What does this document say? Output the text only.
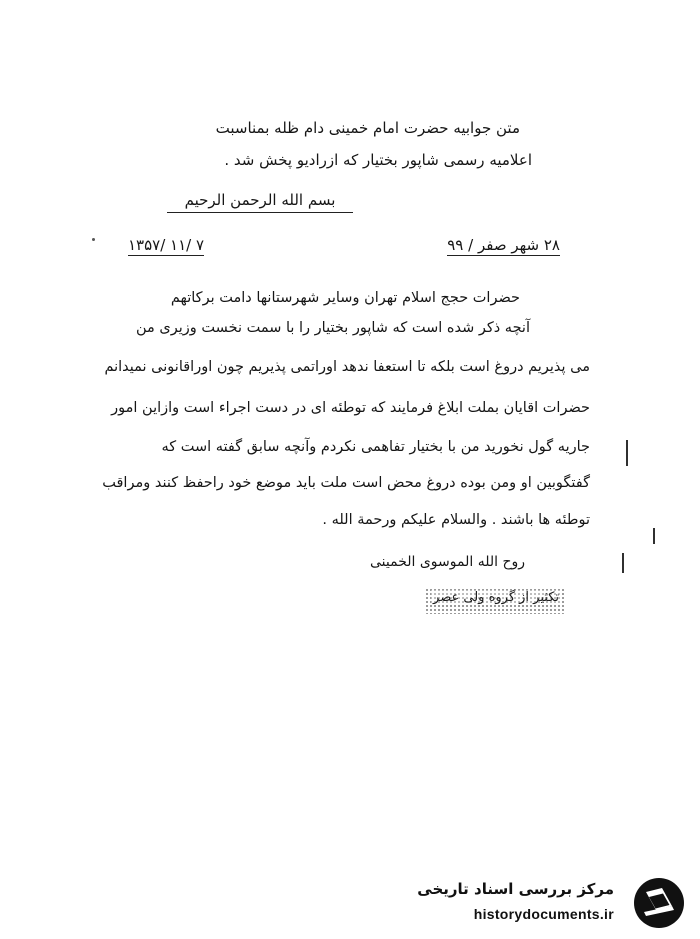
متن جوابیه حضرت امام خمینی دام ظله بمناسبت
اعلامیه رسمی شاپور بختیار که ازرادیو پخش شد .
بسم الله الرحمن الرحیم
۲۸ شهر صفر / ۹۹
۱۳۵۷/ ۱۱/ ۷
حضرات حجج اسلام تهران وسایر شهرستانها دامت برکاتهم
آنچه ذکر شده است که شاپور بختیار را با سمت نخست وزیری من
می پذیریم دروغ است بلکه تا استعفا ندهد اوراتمی پذیریم چون اوراقانونی نمیدانم
حضرات اقایان بملت ابلاغ فرمایند که توطئه ای در دست اجراء است وازاین امور
جاریه گول نخورید من با بختیار تفاهمی نکردم وآنچه سابق گفته است که
گفتگوبین او ومن بوده دروغ محض است ملت باید موضع خود راحفظ کنند ومراقب
توطئه ها باشند . والسلام علیکم ورحمة الله .
روح الله الموسوی الخمینی
تکثیر از گروه ولی عصر
مرکز بررسی اسناد تاریخی
historydocuments.ir
